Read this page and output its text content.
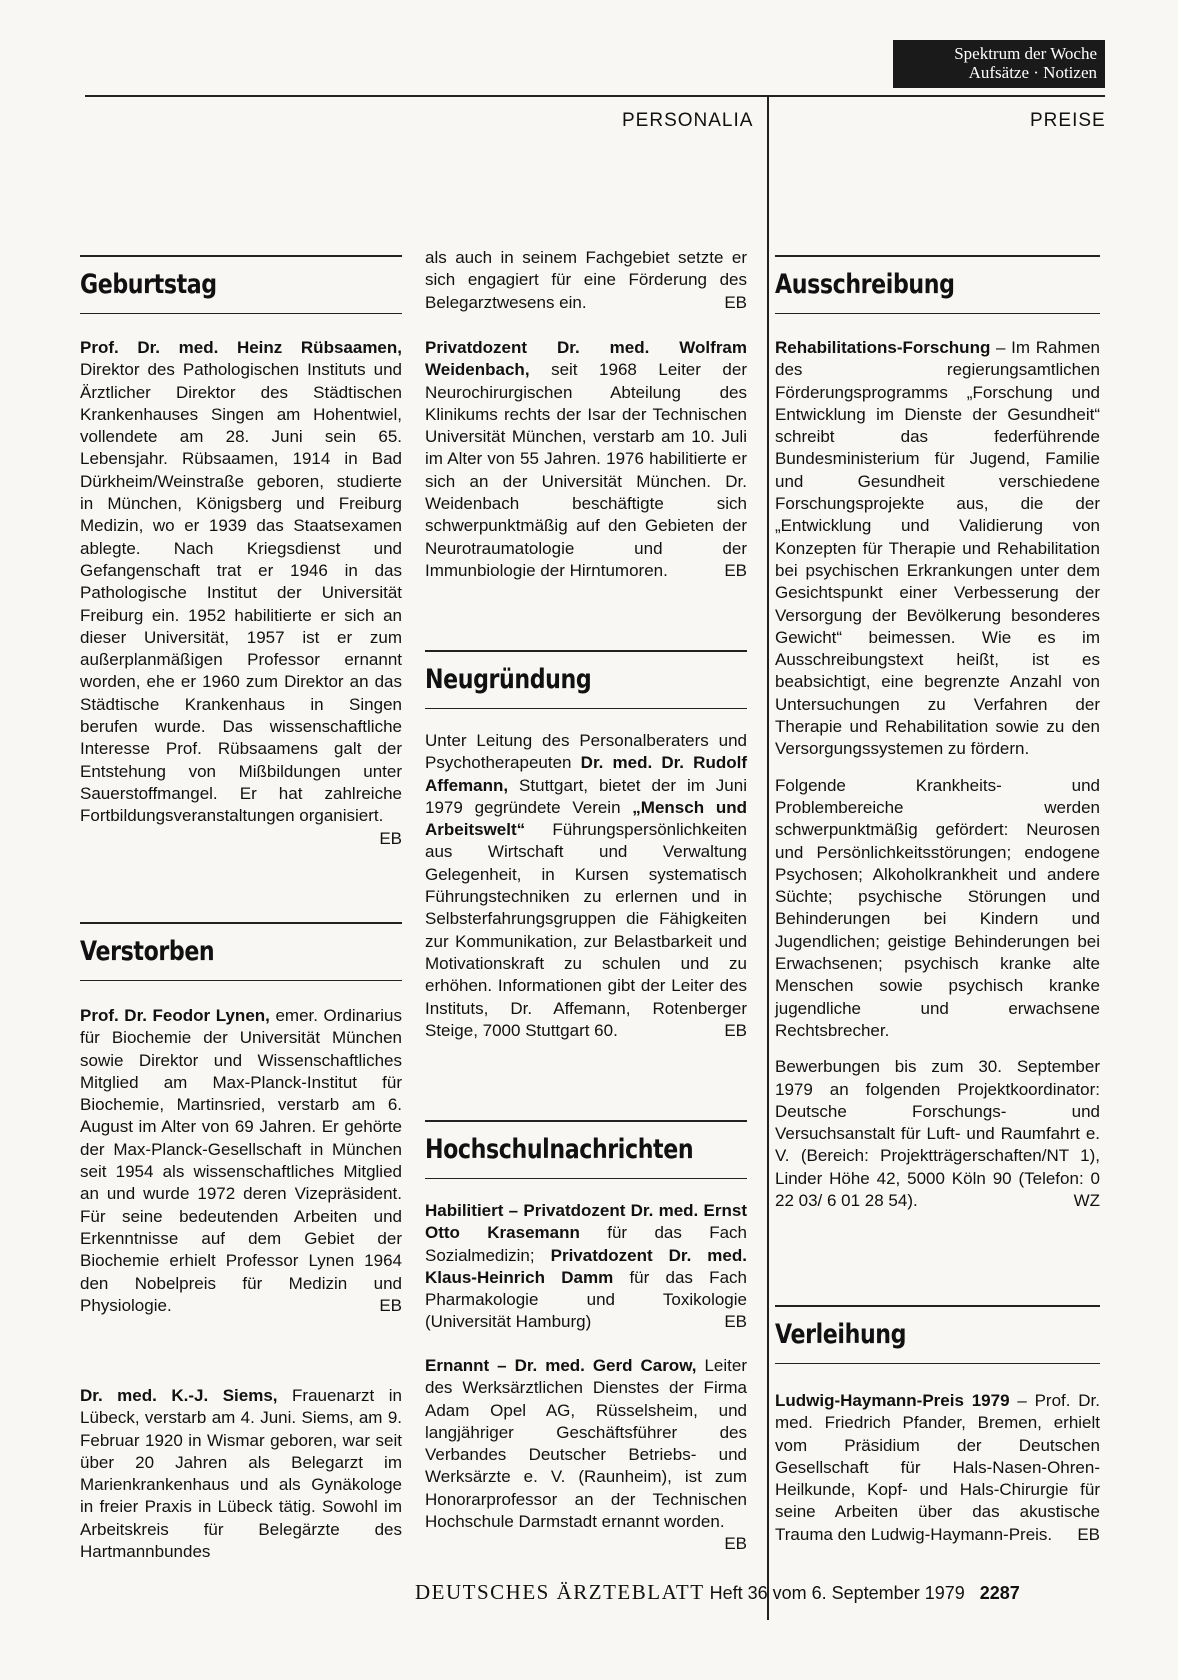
Spektrum der Woche
Aufsätze · Notizen
PERSONALIA	PREISE
Geburtstag

Prof. Dr. med. Heinz Rübsaamen, Direktor des Pathologischen Instituts und Ärztlicher Direktor des Städtischen Krankenhauses Singen am Hohentwiel, vollendete am 28. Juni sein 65. Lebensjahr. Rübsaamen, 1914 in Bad Dürkheim/Weinstraße geboren, studierte in München, Königsberg und Freiburg Medizin, wo er 1939 das Staatsexamen ablegte. Nach Kriegsdienst und Gefangenschaft trat er 1946 in das Pathologische Institut der Universität Freiburg ein. 1952 habilitierte er sich an dieser Universität, 1957 ist er zum außerplanmäßigen Professor ernannt worden, ehe er 1960 zum Direktor an das Städtische Krankenhaus in Singen berufen wurde. Das wissenschaftliche Interesse Prof. Rübsaamens galt der Entstehung von Mißbildungen unter Sauerstoffmangel. Er hat zahlreiche Fortbildungsveranstaltungen organisiert.
EB

Verstorben

Prof. Dr. Feodor Lynen, emer. Ordinarius für Biochemie der Universität München sowie Direktor und Wissenschaftliches Mitglied am Max-Planck-Institut für Biochemie, Martinsried, verstarb am 6. August im Alter von 69 Jahren. Er gehörte der Max-Planck-Gesellschaft in München seit 1954 als wissenschaftliches Mitglied an und wurde 1972 deren Vizepräsident. Für seine bedeutenden Arbeiten und Erkenntnisse auf dem Gebiet der Biochemie erhielt Professor Lynen 1964 den Nobelpreis für Medizin und Physiologie.	EB

Dr. med. K.-J. Siems, Frauenarzt in Lübeck, verstarb am 4. Juni. Siems, am 9. Februar 1920 in Wismar geboren, war seit über 20 Jahren als Belegarzt im Marienkrankenhaus und als Gynäkologe in freier Praxis in Lübeck tätig. Sowohl im Arbeitskreis für Belegärzte des Hartmannbundes

als auch in seinem Fachgebiet setzte er sich engagiert für eine Förderung des Belegarztwesens ein.	EB

Privatdozent Dr. med. Wolfram Weidenbach, seit 1968 Leiter der Neurochirurgischen Abteilung des Klinikums rechts der Isar der Technischen Universität München, verstarb am 10. Juli im Alter von 55 Jahren. 1976 habilitierte er sich an der Universität München. Dr. Weidenbach beschäftigte sich schwerpunktmäßig auf den Gebieten der Neurotraumatologie und der Immunbiologie der Hirntumoren.	EB

Neugründung

Unter Leitung des Personalberaters und Psychotherapeuten Dr. med. Dr. Rudolf Affemann, Stuttgart, bietet der im Juni 1979 gegründete Verein „Mensch und Arbeitswelt“ Führungspersönlichkeiten aus Wirtschaft und Verwaltung Gelegenheit, in Kursen systematisch Führungstechniken zu erlernen und in Selbsterfahrungsgruppen die Fähigkeiten zur Kommunikation, zur Belastbarkeit und Motivationskraft zu schulen und zu erhöhen. Informationen gibt der Leiter des Instituts, Dr. Affemann, Rotenberger Steige, 7000 Stuttgart 60.	EB

Hochschulnachrichten

Habilitiert – Privatdozent Dr. med. Ernst Otto Krasemann für das Fach Sozialmedizin; Privatdozent Dr. med. Klaus-Heinrich Damm für das Fach Pharmakologie und Toxikologie (Universität Hamburg)	EB

Ernannt – Dr. med. Gerd Carow, Leiter des Werksärztlichen Dienstes der Firma Adam Opel AG, Rüsselsheim, und langjähriger Geschäftsführer des Verbandes Deutscher Betriebs- und Werksärzte e. V. (Raunheim), ist zum Honorarprofessor an der Technischen Hochschule Darmstadt ernannt worden.
EB

Ausschreibung

Rehabilitations-Forschung – Im Rahmen des regierungsamtlichen Förderungsprogramms „Forschung und Entwicklung im Dienste der Gesundheit“ schreibt das federführende Bundesministerium für Jugend, Familie und Gesundheit verschiedene Forschungsprojekte aus, die der „Entwicklung und Validierung von Konzepten für Therapie und Rehabilitation bei psychischen Erkrankungen unter dem Gesichtspunkt einer Verbesserung der Versorgung der Bevölkerung besonderes Gewicht“ beimessen. Wie es im Ausschreibungstext heißt, ist es beabsichtigt, eine begrenzte Anzahl von Untersuchungen zu Verfahren der Therapie und Rehabilitation sowie zu den Versorgungssystemen zu fördern.

Folgende Krankheits- und Problembereiche werden schwerpunktmäßig gefördert: Neurosen und Persönlichkeitsstörungen; endogene Psychosen; Alkoholkrankheit und andere Süchte; psychische Störungen und Behinderungen bei Kindern und Jugendlichen; geistige Behinderungen bei Erwachsenen; psychisch kranke alte Menschen sowie psychisch kranke jugendliche und erwachsene Rechtsbrecher.

Bewerbungen bis zum 30. September 1979 an folgenden Projektkoordinator: Deutsche Forschungs- und Versuchsanstalt für Luft- und Raumfahrt e. V. (Bereich: Projektträgerschaften/NT 1), Linder Höhe 42, 5000 Köln 90 (Telefon: 0 22 03/ 6 01 28 54).	WZ

Verleihung

Ludwig-Haymann-Preis 1979 – Prof. Dr. med. Friedrich Pfander, Bremen, erhielt vom Präsidium der Deutschen Gesellschaft für Hals-Nasen-Ohren-Heilkunde, Kopf- und Hals-Chirurgie für seine Arbeiten über das akustische Trauma den Ludwig-Haymann-Preis. EB

DEUTSCHES ÄRZTEBLATT Heft 36 vom 6. September 1979 2287
